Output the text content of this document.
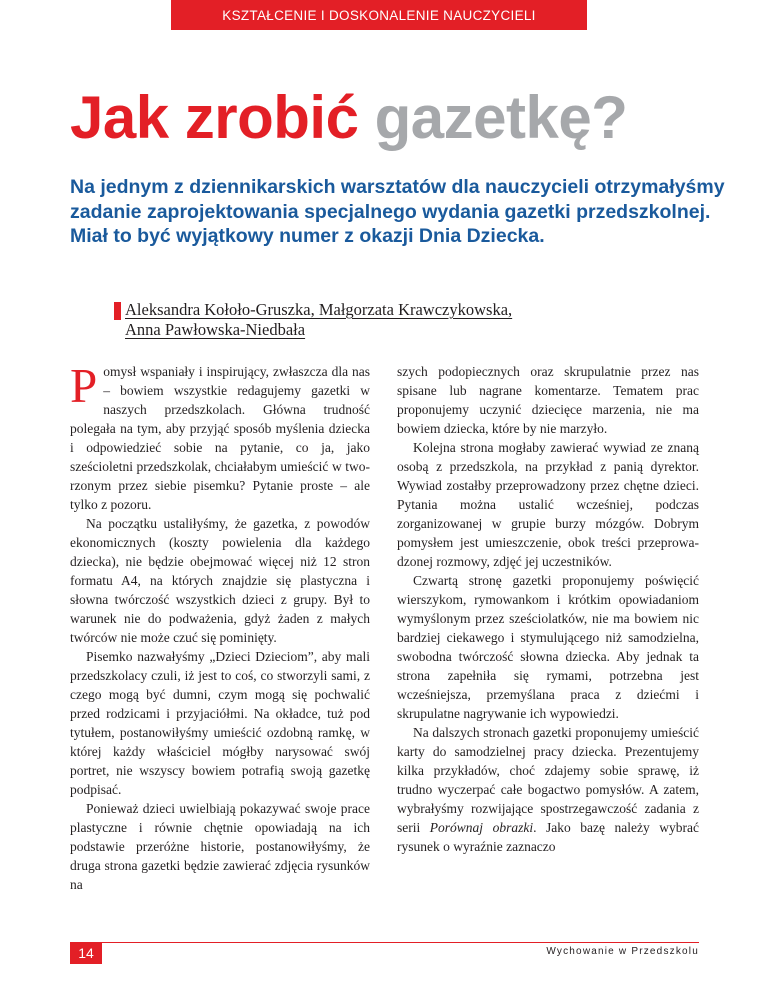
KSZTAŁCENIE I DOSKONALENIE NAUCZYCIELI
Jak zrobić gazetkę?

Na jednym z dziennikarskich warsztatów dla nauczycieli otrzymałyśmy zadanie zaprojektowania specjalnego wydania gazetki przedszkolnej. Miał to być wyjątkowy numer z okazji Dnia Dziecka.

Aleksandra Kołoło-Gruszka, Małgorzata Krawczykowska,
Anna Pawłowska-Niedbała

Pomysł wspaniały i inspirujący, zwłaszcza dla nas – bowiem wszystkie redagujemy gazetki w naszych przedszkolach. Główna trudność polegała na tym, aby przyjąć sposób myślenia dziecka i odpowiedzieć sobie na pytanie, co ja, jako sześcioletni przedszkolak, chciałabym umieścić w tworzonym przez siebie pisemku? Pytanie proste – ale tylko z pozoru.

Na początku ustaliłyśmy, że gazetka, z powodów ekonomicznych (koszty powielenia dla każdego dziecka), nie będzie obejmować więcej niż 12 stron formatu A4, na których znajdzie się plastyczna i słowna twórczość wszystkich dzieci z grupy. Był to warunek nie do podważenia, gdyż żaden z małych twórców nie może czuć się pominięty.

Pisemko nazwałyśmy „Dzieci Dzieciom”, aby mali przedszkolacy czuli, iż jest to coś, co stworzyli sami, z czego mogą być dumni, czym mogą się pochwalić przed rodzicami i przyjaciółmi. Na okładce, tuż pod tytułem, postanowiłyśmy umieścić ozdobną ramkę, w której każdy właściciel mógłby narysować swój portret, nie wszyscy bowiem potrafią swoją gazetkę podpisać.

Ponieważ dzieci uwielbiają pokazywać swoje prace plastyczne i równie chętnie opowiadają na ich podstawie przeróżne historie, postanowiłyśmy, że druga strona gazetki będzie zawierać zdjęcia rysunków na

szych podopiecznych oraz skrupulatnie przez nas spisane lub nagrane komentarze. Tematem prac proponujemy uczynić dziecięce marzenia, nie ma bowiem dziecka, które by nie marzyło.

Kolejna strona mogłaby zawierać wywiad ze znaną osobą z przedszkola, na przykład z panią dyrektor. Wywiad zostałby przeprowadzony przez chętne dzieci. Pytania można ustalić wcześniej, podczas zorganizowanej w grupie burzy mózgów. Dobrym pomysłem jest umieszczenie, obok treści przeprowadzonej rozmowy, zdjęć jej uczestników.

Czwartą stronę gazetki proponujemy poświęcić wierszykom, rymowankom i krótkim opowiadaniom wymyślonym przez sześciolatków, nie ma bowiem nic bardziej ciekawego i stymulującego niż samodzielna, swobodna twórczość słowna dziecka. Aby jednak ta strona zapełniła się rymami, potrzebna jest wcześniejsza, przemyślana praca z dziećmi i skrupulatne nagrywanie ich wypowiedzi.

Na dalszych stronach gazetki proponujemy umieścić karty do samodzielnej pracy dziecka. Prezentujemy kilka przykładów, choć zdajemy sobie sprawę, iż trudno wyczerpać całe bogactwo pomysłów. A zatem, wybrałyśmy rozwijające spostrzegawczość zadania z serii Porównaj obrazki. Jako bazę należy wybrać rysunek o wyraźnie zaznaczo

14	Wychowanie w Przedszkolu
